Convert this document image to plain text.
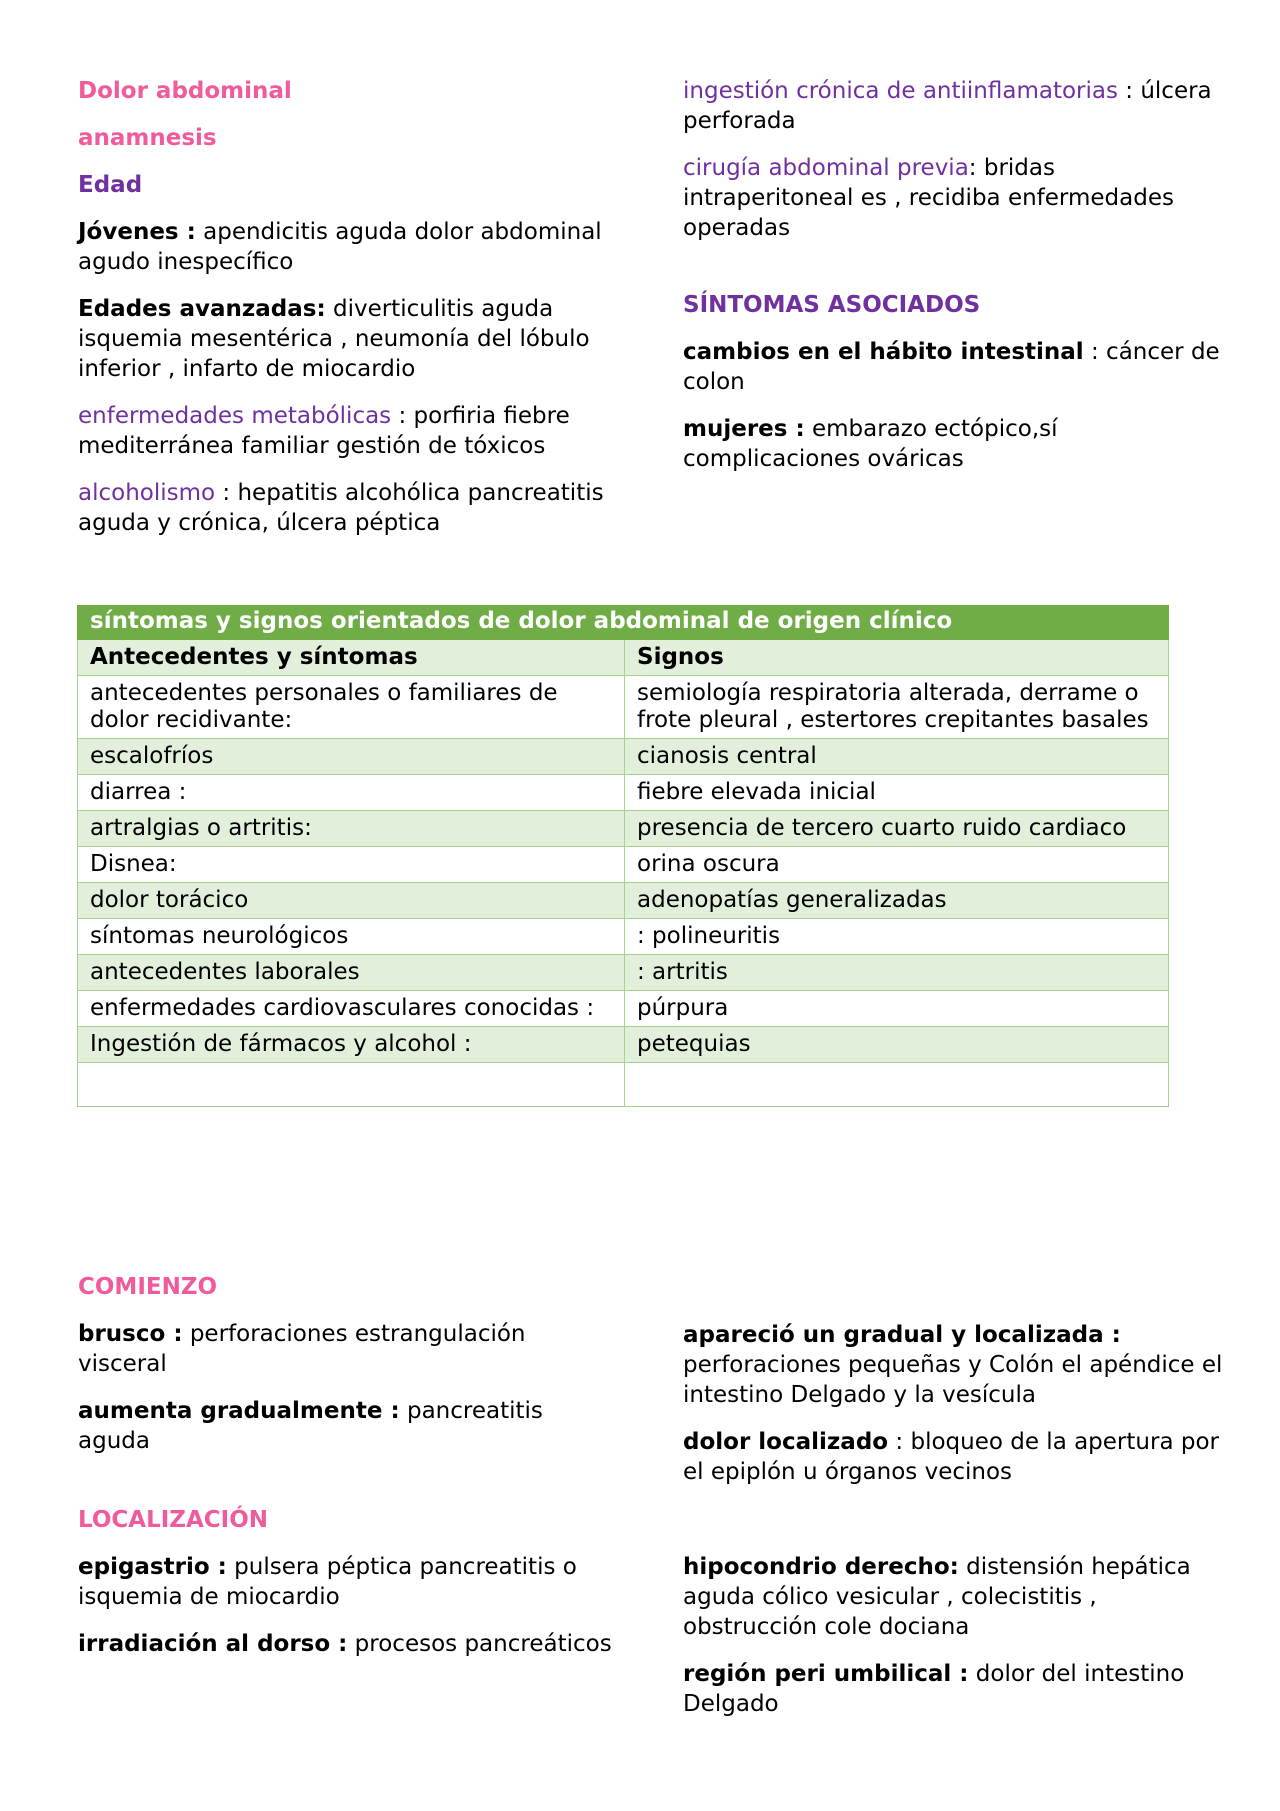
Dolor abdominal

anamnesis

Edad

Jóvenes : apendicitis aguda dolor abdominal agudo inespecífico

Edades avanzadas: diverticulitis aguda isquemia mesentérica , neumonía del lóbulo inferior , infarto de miocardio

enfermedades metabólicas : porfiria fiebre mediterránea familiar gestión de tóxicos

alcoholismo : hepatitis alcohólica pancreatitis aguda y crónica, úlcera péptica

ingestión crónica de antiinflamatorias : úlcera perforada

cirugía abdominal previa: bridas intraperitoneal es , recidiba enfermedades operadas

SÍNTOMAS ASOCIADOS

cambios en el hábito intestinal : cáncer de colon

mujeres : embarazo ectópico,sí complicaciones ováricas

síntomas y signos orientados de dolor abdominal de origen clínico	
Antecedentes y síntomas	Signos
antecedentes personales o familiares de dolor recidivante:	semiología respiratoria alterada, derrame o frote pleural , estertores crepitantes basales
escalofríos	cianosis central
diarrea :	fiebre elevada inicial
artralgias o artritis:	presencia de tercero cuarto ruido cardiaco
Disnea:	orina oscura
dolor torácico	adenopatías generalizadas
síntomas neurológicos	: polineuritis
antecedentes laborales	: artritis
enfermedades cardiovasculares conocidas :	púrpura
Ingestión de fármacos y alcohol :	petequias

COMIENZO

brusco : perforaciones estrangulación visceral

aumenta gradualmente : pancreatitis aguda

apareció un gradual y localizada : perforaciones pequeñas y Colón el apéndice el intestino Delgado y la vesícula

dolor localizado : bloqueo de la apertura por el epiplón u órganos vecinos

LOCALIZACIÓN

epigastrio : pulsera péptica pancreatitis o isquemia de miocardio

irradiación al dorso : procesos pancreáticos

hipocondrio derecho: distensión hepática aguda cólico vesicular , colecistitis , obstrucción cole dociana

región peri umbilical : dolor del intestino Delgado
